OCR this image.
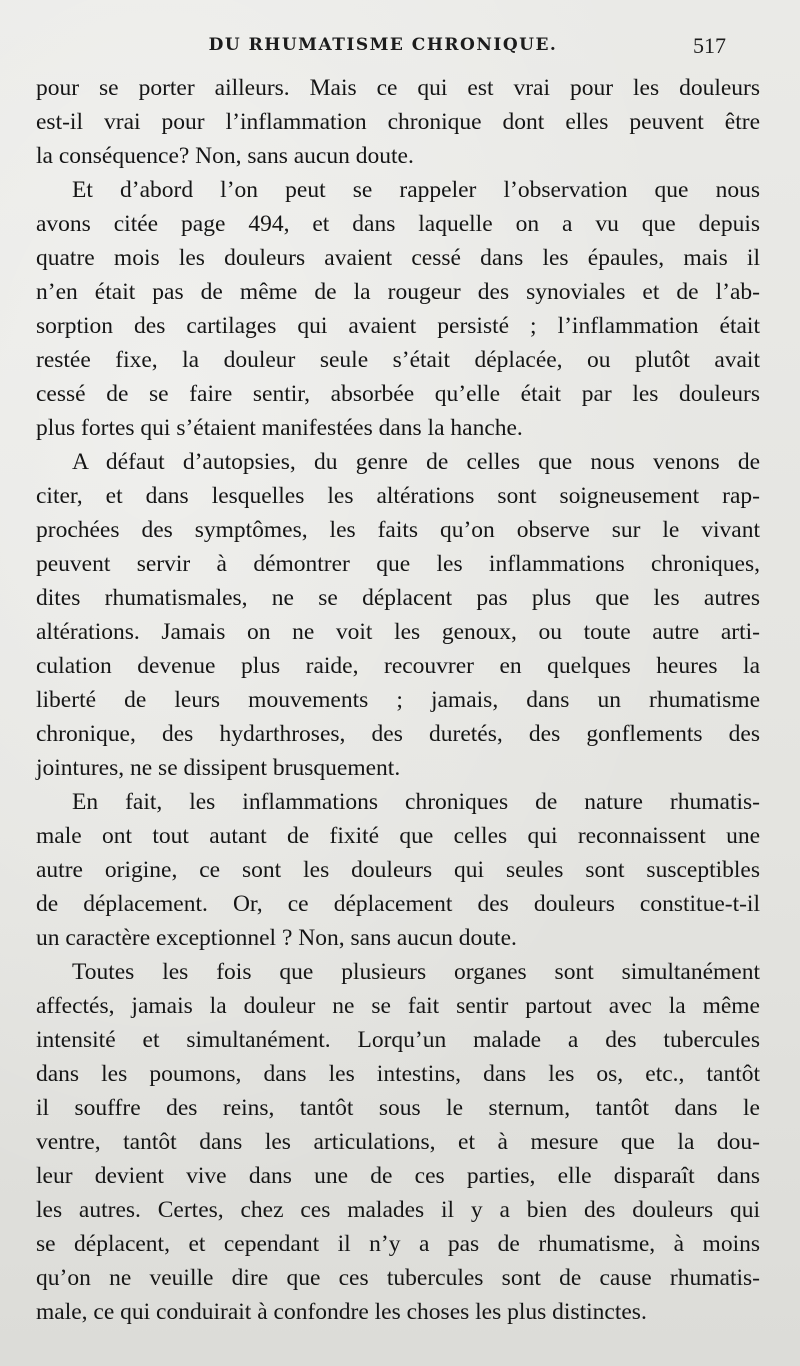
DU RHUMATISME CHRONIQUE.	517
pour se porter ailleurs. Mais ce qui est vrai pour les douleurs
est-il vrai pour l’inflammation chronique dont elles peuvent être
la conséquence? Non, sans aucun doute.
Et d’abord l’on peut se rappeler l’observation que nous
avons citée page 494, et dans laquelle on a vu que depuis
quatre mois les douleurs avaient cessé dans les épaules, mais il
n’en était pas de même de la rougeur des synoviales et de l’ab-
sorption des cartilages qui avaient persisté ; l’inflammation était
restée fixe, la douleur seule s’était déplacée, ou plutôt avait
cessé de se faire sentir, absorbée qu’elle était par les douleurs
plus fortes qui s’étaient manifestées dans la hanche.
A défaut d’autopsies, du genre de celles que nous venons de
citer, et dans lesquelles les altérations sont soigneusement rap-
prochées des symptômes, les faits qu’on observe sur le vivant
peuvent servir à démontrer que les inflammations chroniques,
dites rhumatismales, ne se déplacent pas plus que les autres
altérations. Jamais on ne voit les genoux, ou toute autre arti-
culation devenue plus raide, recouvrer en quelques heures la
liberté de leurs mouvements ; jamais, dans un rhumatisme
chronique, des hydarthroses, des duretés, des gonflements des
jointures, ne se dissipent brusquement.
En fait, les inflammations chroniques de nature rhumatis-
male ont tout autant de fixité que celles qui reconnaissent une
autre origine, ce sont les douleurs qui seules sont susceptibles
de déplacement. Or, ce déplacement des douleurs constitue-t-il
un caractère exceptionnel ? Non, sans aucun doute.
Toutes les fois que plusieurs organes sont simultanément
affectés, jamais la douleur ne se fait sentir partout avec la même
intensité et simultanément. Lorqu’un malade a des tubercules
dans les poumons, dans les intestins, dans les os, etc., tantôt
il souffre des reins, tantôt sous le sternum, tantôt dans le
ventre, tantôt dans les articulations, et à mesure que la dou-
leur devient vive dans une de ces parties, elle disparaît dans
les autres. Certes, chez ces malades il y a bien des douleurs qui
se déplacent, et cependant il n’y a pas de rhumatisme, à moins
qu’on ne veuille dire que ces tubercules sont de cause rhumatis-
male, ce qui conduirait à confondre les choses les plus distinctes.
